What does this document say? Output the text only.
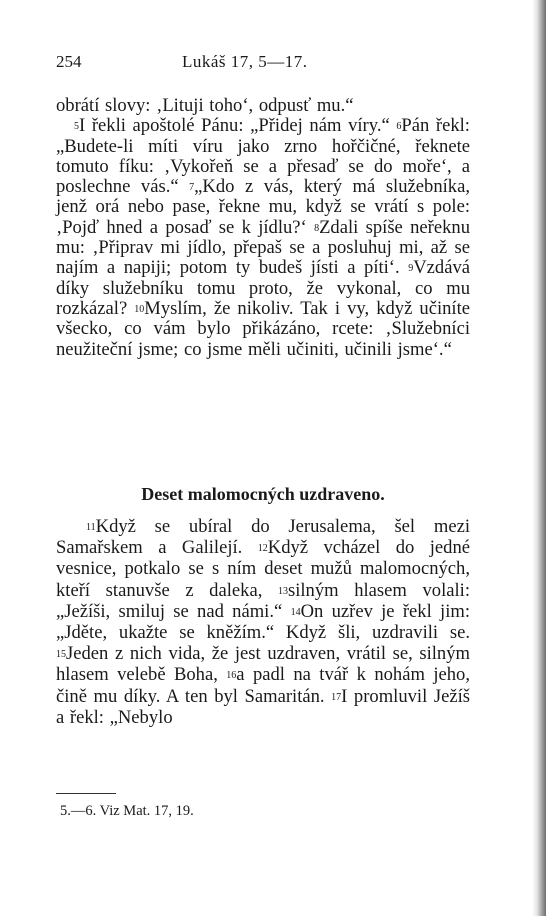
254	Lukáš 17, 5—17.

obrátí slovy: ‚Lituji toho‘, odpusť mu.“

$^5$I řekli apoštolé Pánu: „Přidej nám víry.“ $^6$Pán řekl: „Budete-li míti víru jako zrno hořčičné, řeknete tomuto fíku: ‚Vykořeň se a přesaď se do moře‘, a poslechne vás.“ $^7$„Kdo z vás, který má služebníka, jenž orá nebo pase, řekne mu, když se vrátí s pole: ‚Pojď hned a posaď se k jídlu?‘ $^8$Zdali spíše neřeknu mu: ‚Připrav mi jídlo, přepaš se a posluhuj mi, až se najím a napiji; potom ty budeš jísti a píti‘. $^9$Vzdává díky služebníku tomu proto, že vykonal, co mu rozkázal? $^{10}$Myslím, že nikoliv. Tak i vy, když učiníte všecko, co vám bylo přikázáno, rcete: ‚Služebníci neužiteční jsme; co jsme měli učiniti, učinili jsme‘.“

Deset malomocných uzdraveno.

$^{11}$Když se ubíral do Jerusalema, šel mezi Samařskem a Galilejí. $^{12}$Když vcházel do jedné vesnice, potkalo se s ním deset mužů malomocných, kteří stanuvše z daleka, $^{13}$silným hlasem volali: „Ježíši, smiluj se nad námi.“ $^{14}$On uzřev je řekl jim: „Jděte, ukažte se kněžím.“ Když šli, uzdravili se. $^{15}$Jeden z nich vida, že jest uzdraven, vrátil se, silným hlasem velebě Boha, $^{16}$a padl na tvář k nohám jeho, čině mu díky. A ten byl Samaritán. $^{17}$I promluvil Ježíš a řekl: „Nebylo

5.—6. Viz Mat. 17, 19.
